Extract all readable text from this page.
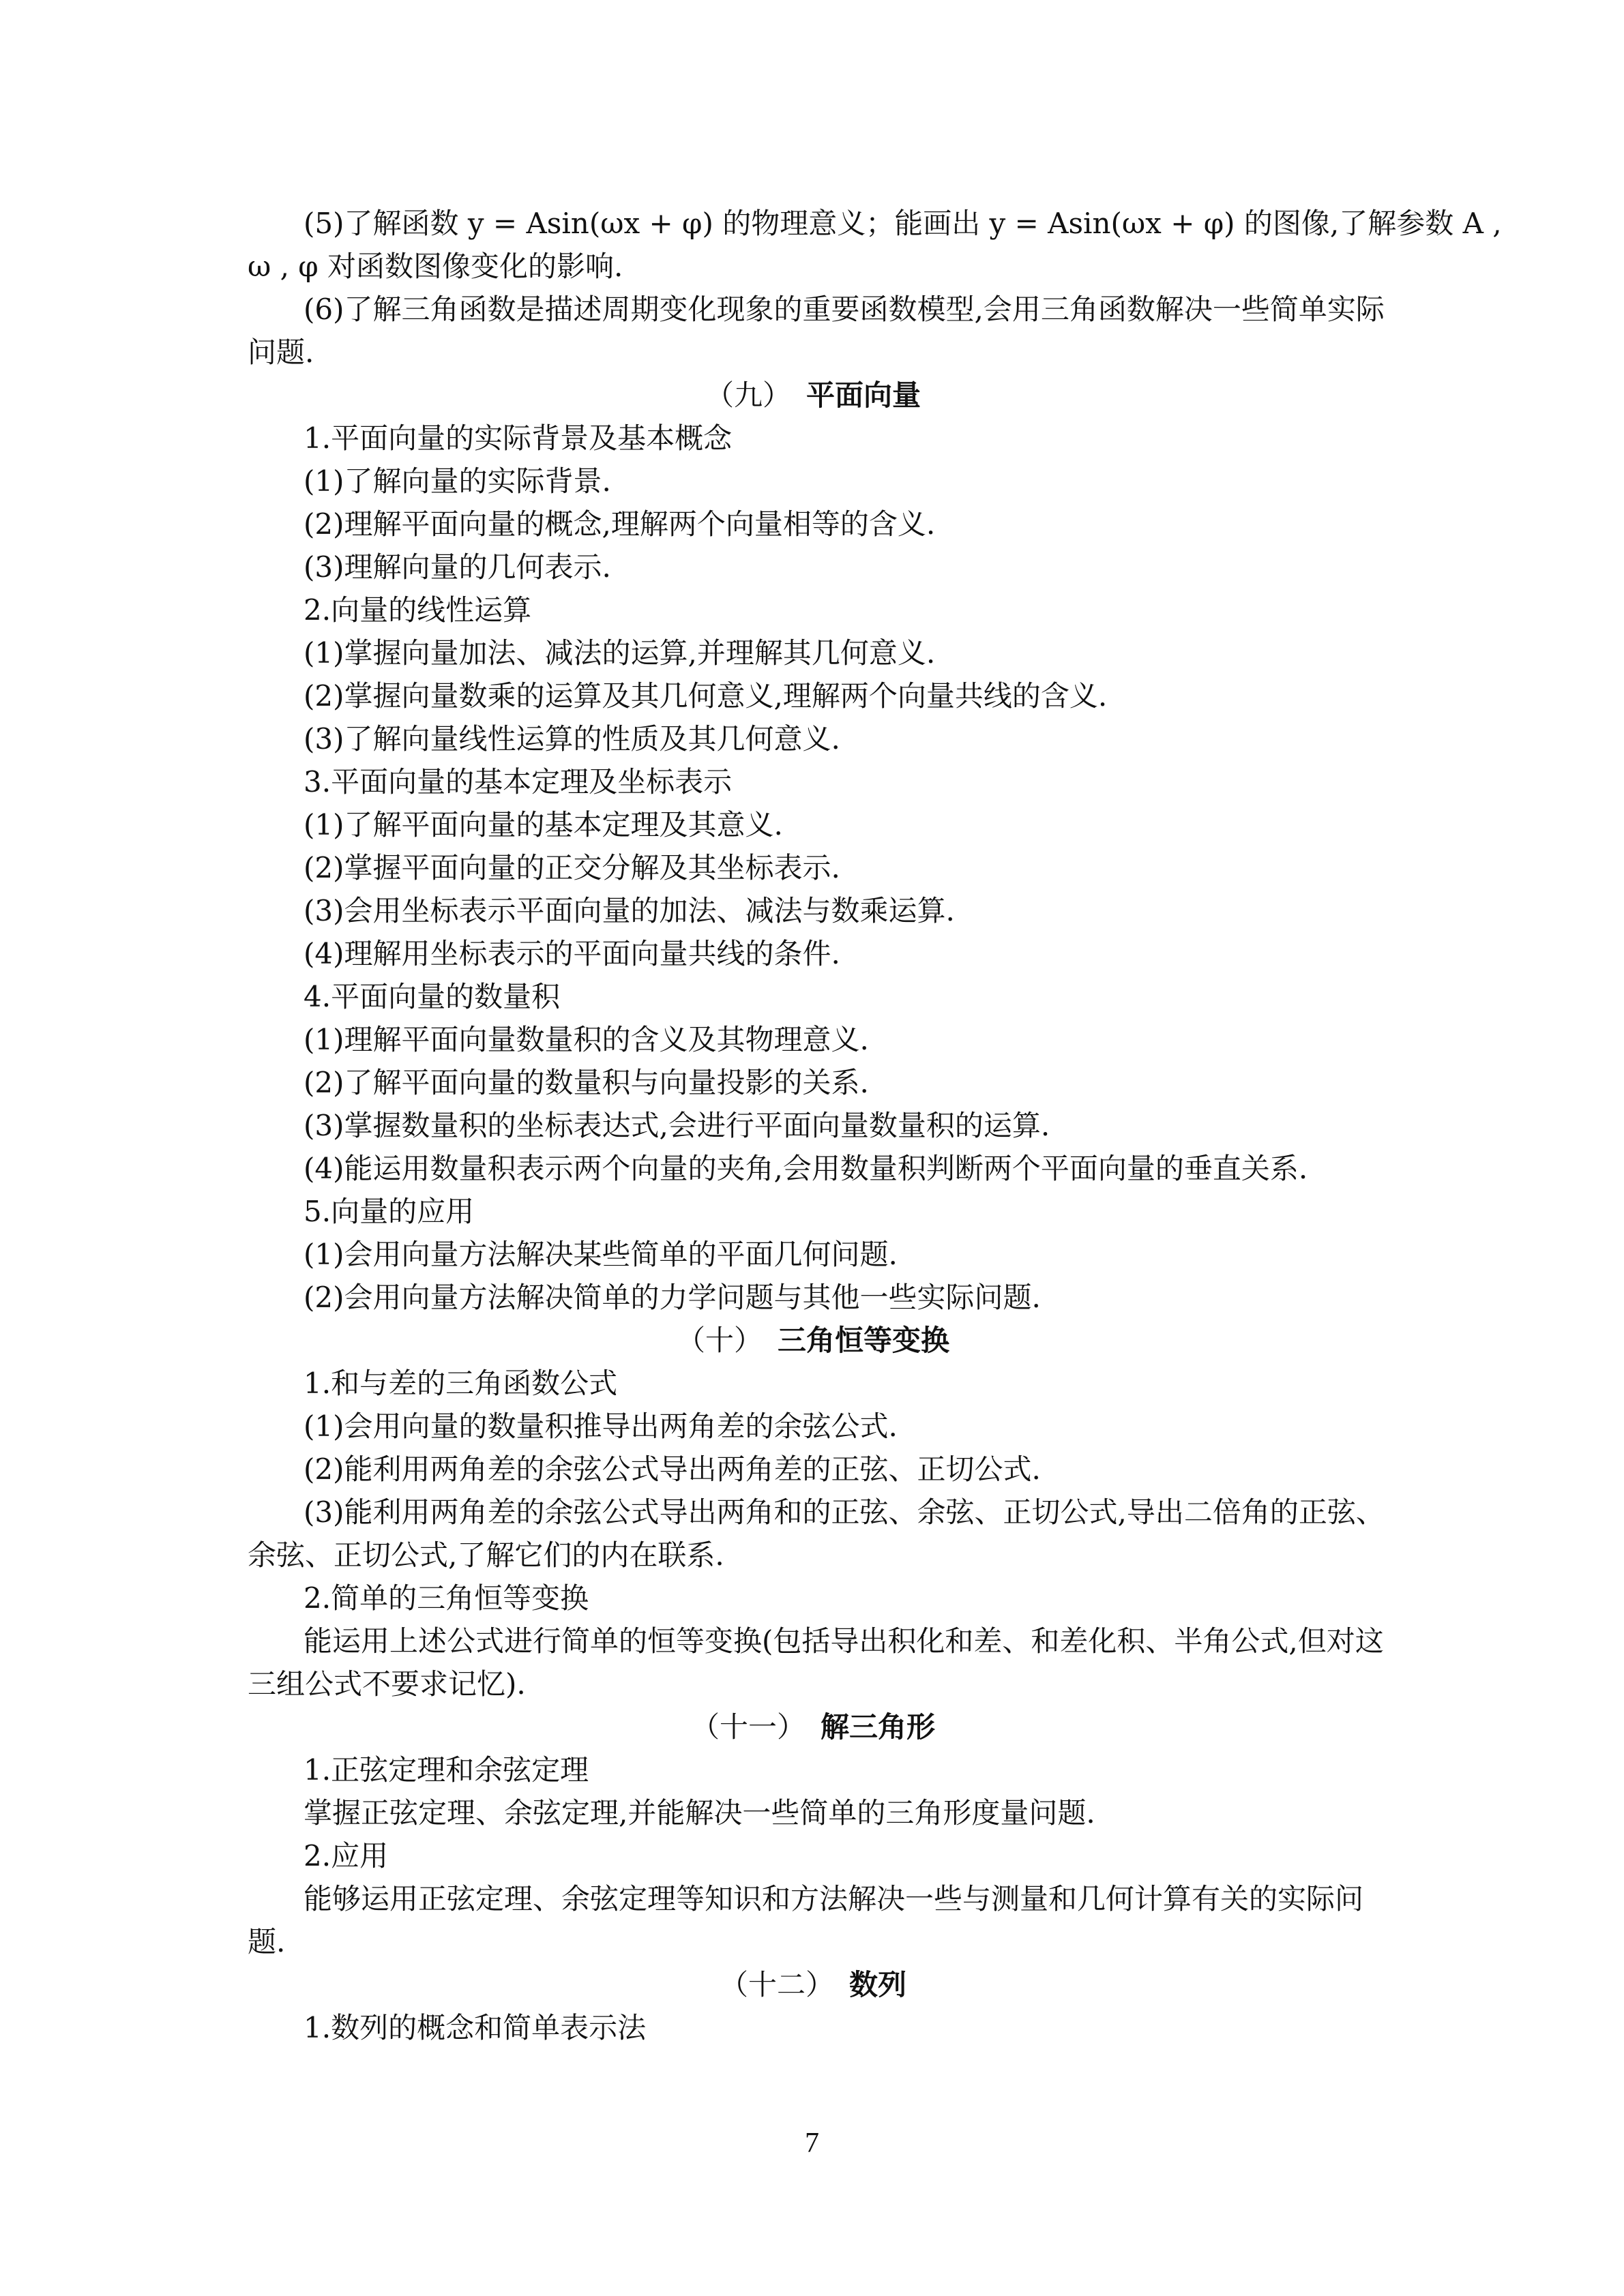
(5)了解函数 y = Asin(ωx + φ) 的物理意义；能画出 y = Asin(ωx + φ) 的图像,了解参数 A ,
ω , φ 对函数图像变化的影响.
(6)了解三角函数是描述周期变化现象的重要函数模型,会用三角函数解决一些简单实际
问题.
（九） 平面向量
1.平面向量的实际背景及基本概念
(1)了解向量的实际背景.
(2)理解平面向量的概念,理解两个向量相等的含义.
(3)理解向量的几何表示.
2.向量的线性运算
(1)掌握向量加法、减法的运算,并理解其几何意义.
(2)掌握向量数乘的运算及其几何意义,理解两个向量共线的含义.
(3)了解向量线性运算的性质及其几何意义.
3.平面向量的基本定理及坐标表示
(1)了解平面向量的基本定理及其意义.
(2)掌握平面向量的正交分解及其坐标表示.
(3)会用坐标表示平面向量的加法、减法与数乘运算.
(4)理解用坐标表示的平面向量共线的条件.
4.平面向量的数量积
(1)理解平面向量数量积的含义及其物理意义.
(2)了解平面向量的数量积与向量投影的关系.
(3)掌握数量积的坐标表达式,会进行平面向量数量积的运算.
(4)能运用数量积表示两个向量的夹角,会用数量积判断两个平面向量的垂直关系.
5.向量的应用
(1)会用向量方法解决某些简单的平面几何问题.
(2)会用向量方法解决简单的力学问题与其他一些实际问题.
（十） 三角恒等变换
1.和与差的三角函数公式
(1)会用向量的数量积推导出两角差的余弦公式.
(2)能利用两角差的余弦公式导出两角差的正弦、正切公式.
(3)能利用两角差的余弦公式导出两角和的正弦、余弦、正切公式,导出二倍角的正弦、
余弦、正切公式,了解它们的内在联系.
2.简单的三角恒等变换
能运用上述公式进行简单的恒等变换(包括导出积化和差、和差化积、半角公式,但对这
三组公式不要求记忆).
（十一） 解三角形
1.正弦定理和余弦定理
掌握正弦定理、余弦定理,并能解决一些简单的三角形度量问题.
2.应用
能够运用正弦定理、余弦定理等知识和方法解决一些与测量和几何计算有关的实际问
题.
（十二） 数列
1.数列的概念和简单表示法
7
